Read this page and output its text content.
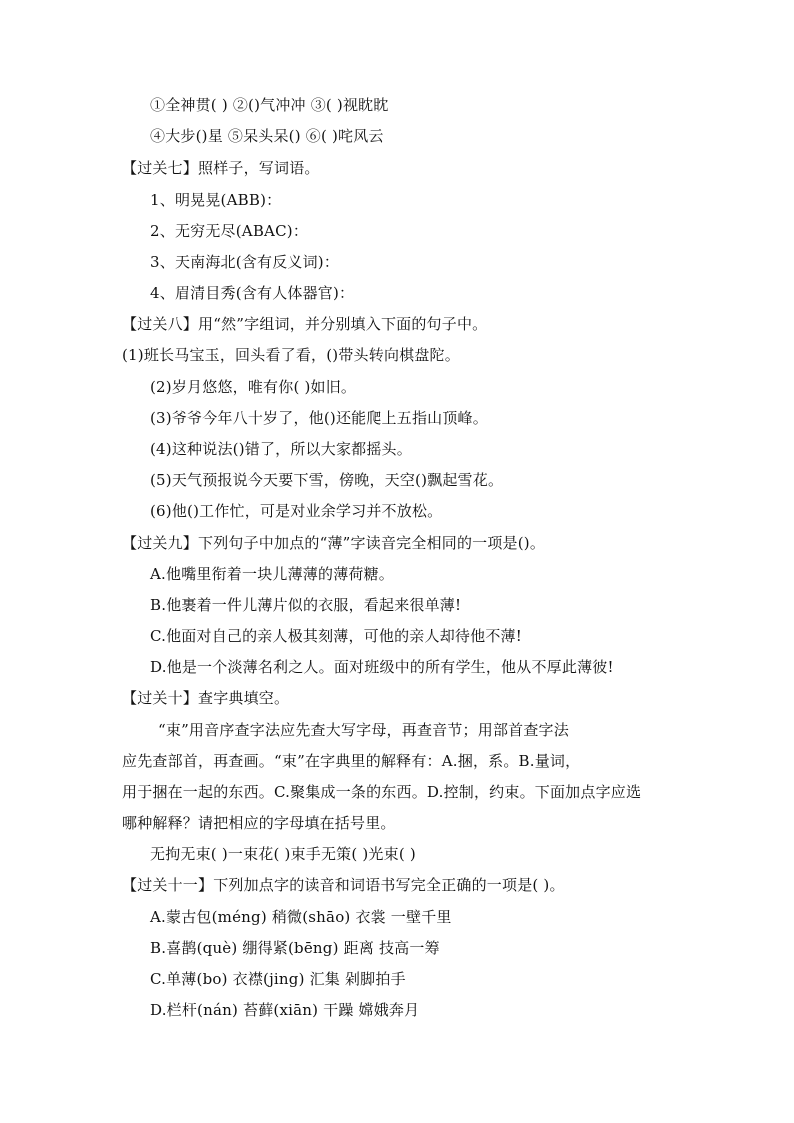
①全神贯( ) ②()气冲冲 ③( )视眈眈
④大步()星 ⑤呆头呆() ⑥( )咤风云
【过关七】照样子，写词语。
1、明晃晃(ABB)：
2、无穷无尽(ABAC)：
3、天南海北(含有反义词)：
4、眉清目秀(含有人体器官)：
【过关八】用“然”字组词，并分别填入下面的句子中。
(1)班长马宝玉，回头看了看，()带头转向棋盘陀。
(2)岁月悠悠，唯有你( )如旧。
(3)爷爷今年八十岁了，他()还能爬上五指山顶峰。
(4)这种说法()错了，所以大家都摇头。
(5)天气预报说今天要下雪，傍晚，天空()飘起雪花。
(6)他()工作忙，可是对业余学习并不放松。
【过关九】下列句子中加点的“薄”字读音完全相同的一项是()。
A.他嘴里衔着一块儿薄薄的薄荷糖。
B.他裹着一件儿薄片似的衣服，看起来很单薄!
C.他面对自己的亲人极其刻薄，可他的亲人却待他不薄!
D.他是一个淡薄名利之人。面对班级中的所有学生，他从不厚此薄彼!
【过关十】查字典填空。
“束”用音序查字法应先查大写字母，再查音节；用部首查字法
应先查部首，再查画。“束”在字典里的解释有：A.捆，系。B.量词，
用于捆在一起的东西。C.聚集成一条的东西。D.控制，约束。下面加点字应选
哪种解释？请把相应的字母填在括号里。
无拘无束( )一束花( )束手无策( )光束( )
【过关十一】下列加点字的读音和词语书写完全正确的一项是( )。
A.蒙古包(méng) 稍微(shāo) 衣裳 一壁千里
B.喜鹊(què) 绷得紧(bēng) 距离 技高一筹
C.单薄(bo) 衣襟(jing) 汇集 剁脚拍手
D.栏杆(nán) 苔藓(xiān) 干躁 嫦娥奔月
